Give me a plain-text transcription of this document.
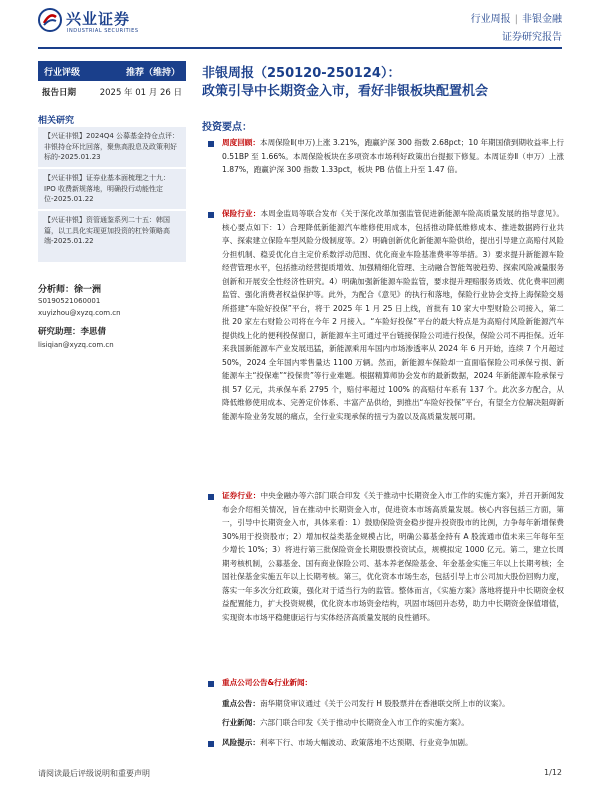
兴业证券
INDUSTRIAL SECURITIES
行业周报 | 非银金融
证券研究报告
行业评级	推荐（维持）
报告日期	2025 年 01 月 26 日
相关研究
【兴证非银】2024Q4 公募基金持仓点评：非银持仓环比回落，聚焦高股息及政策利好标的-2025.01.23
【兴证非银】证券业基本面梳理之十九：IPO 收费新规落地，明确投行动能性定位-2025.01.22
【兴证非银】资管通鉴系列二十五：韩国篇，以工具化实现更加投资的杠铃策略高端-2025.01.22
分析师：徐一洲
S0190521060001
xuyizhou@xyzq.com.cn
研究助理：李思倩
lisiqian@xyzq.com.cn
非银周报（250120-250124）：
政策引导中长期资金入市，看好非银板块配置机会
投资要点：
周度回顾：本周保险Ⅱ(申万)上涨 3.21%，跑赢沪深 300 指数 2.68pct；10 年期国债到期收益率上行 0.51BP 至 1.66%。本周保险板块在多项资本市场利好政策出台提振下修复。本周证券Ⅱ（申万）上涨 1.87%，跑赢沪深 300 指数 1.33pct，板块 PB 估值上升至 1.47 倍。
保险行业：本周金监局等联合发布《关于深化改革加强监管促进新能源车险高质量发展的指导意见》。核心要点如下：1）合理降低新能源汽车维修使用成本，包括推动降低维修成本、推进数据跨行业共享、探索建立保险车型风险分级制度等。2）明确创新优化新能源车险供给，提出引导建立高赔付风险分担机制、稳妥优化自主定价系数浮动范围、优化商业车险基准费率等举措。3）要求提升新能源车险经营管理水平，包括推动经营提质增效、加强精细化管理、主动融合智能驾驶趋势、探索风险减量服务创新和开展安全性经济性研究。4）明确加强新能源车险监管，要求提升理赔服务质效、优化费率回溯监管、强化消费者权益保护等。此外，为配合《意见》的执行和落地，保险行业协会支持上海保险交易所搭建“车险好投保”平台，将于 2025 年 1 月 25 日上线，首批有 10 家大中型财险公司接入，第二批 20 家左右财险公司将在今年 2 月接入。“车险好投保”平台的最大特点是为高赔付风险新能源汽车提供线上化的便利投保窗口，新能源车主可通过平台链接保险公司进行投保，保险公司不再拒保。近年来我国新能源车产业发展迅猛，新能源乘用车国内市场渗透率从 2024 年 6 月开始，连续 7 个月超过 50%，2024 全年国内零售量达 1100 万辆。然而，新能源车保险却一直面临保险公司承保亏损、新能源车主“投保难”“投保贵”等行业难题。根据精算师协会发布的最新数据，2024 年新能源车险承保亏损 57 亿元，共承保车系 2795 个，赔付率超过 100% 的高赔付车系有 137 个。此次多方配合，从降低维修使用成本、完善定价体系、丰富产品供给，到推出“车险好投保”平台，有望全方位解决阻碍新能源车险业务发展的痛点，全行业实现承保的扭亏为盈以及高质量发展可期。
证券行业：中央金融办等六部门联合印发《关于推动中长期资金入市工作的实施方案》，并召开新闻发布会介绍相关情况，旨在推动中长期资金入市，促进资本市场高质量发展。核心内容包括三方面，第一，引导中长期资金入市，具体来看：1）鼓励保险资金稳步提升投资股市的比例，力争每年新增保费 30%用于投资股市；2）增加权益类基金规模占比，明确公募基金持有 A 股流通市值未来三年每年至少增长 10%；3）将进行第三批保险资金长期股票投资试点，规模拟定 1000 亿元。第二，建立长周期考核机制，公募基金、国有商业保险公司、基本养老保险基金、年金基金实施三年以上长期考核；全国社保基金实施五年以上长期考核。第三，优化资本市场生态，包括引导上市公司加大股份回购力度，落实一年多次分红政策，强化对于适当行为的监管。整体而言，《实施方案》落地将提升中长期资金权益配置能力，扩大投资规模，优化资本市场资金结构，巩固市场回升态势，助力中长期资金保值增值，实现资本市场平稳健康运行与实体经济高质量发展的良性循环。
重点公司公告&行业新闻：
重点公告：南华期货审议通过《关于公司发行 H 股股票并在香港联交所上市的议案》。
行业新闻：六部门联合印发《关于推动中长期资金入市工作的实施方案》。
风险提示：利率下行、市场大幅波动、政策落地不达预期、行业竞争加剧。
请阅读最后评级说明和重要声明	1/12
